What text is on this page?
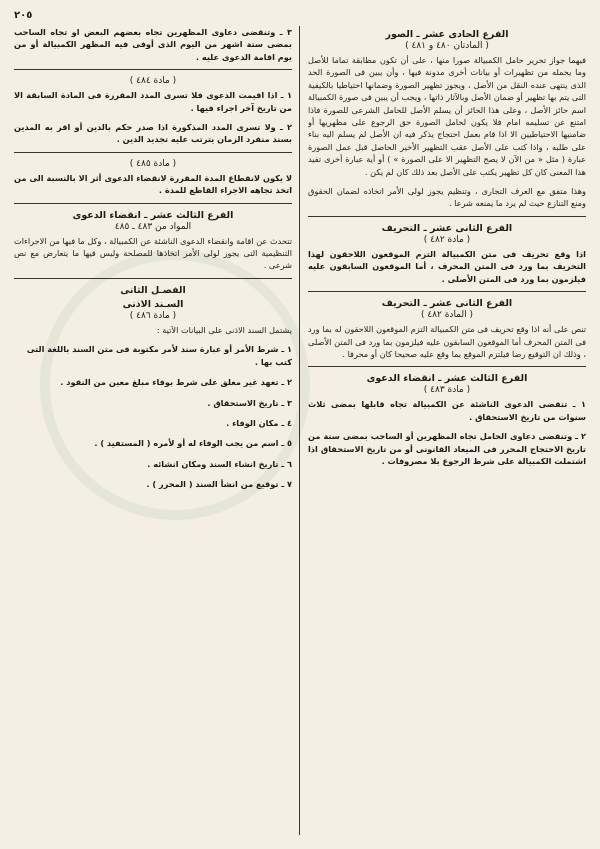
٢٠٥
الفرع الحادى عشر ـ الصور
( المادتان ٤٨٠ و ٤٨١ )
فيهما جواز تحرير حامل الكمبيالة صورا منها ، على أن تكون مطابقة تماما للأصل وما يحمله من تظهيرات أو بيانات أخرى مدونة فيها ، وأن يبين فى الصورة الحد الذى ينتهى عنده النقل من الأصل ، ويجوز تظهير الصورة وضمانها احتياطيا بالكيفية التى يتم بها تظهير أو ضمان الأصل وبالآثار ذاتها ، ويجب أن يبين فى صورة الكمبيالة اسم حائز الأصل ، وعلى هذا الحائز أن يسلم الأصل للحامل الشرعى للصورة فاذا امتنع عن تسليمه امام فلا يكون لحامل الصورة حق الرجوع على مظهريها أو ضامنيها الاحتياطيين الا اذا قام بعمل احتجاج يذكر فيه ان الأصل لم يسلم اليه بناء على طلبه ، واذا كتب على الأصل عقب التظهير الأخير الحاصل قبل عمل الصورة عبارة ( مثل « من الآن لا يصح التظهير الا على الصورة » ) أو أية عبارة أخرى تفيد هذا المعنى كان كل تظهير يكتب على الأصل بعد ذلك كان لم يكن .
وهذا متفق مع العرف التجارى ، وتنظيم يجوز لولى الأمر اتخاذه لضمان الحقوق ومنع التنازع حيث لم يرد ما يمنعه شرعا .
الفرع الثانى عشر ـ التحريف
( مادة ٤٨٢ )
اذا وقع تحريف فى متن الكمبيالة التزم الموقعون اللاحقون لهذا التحريف بما ورد فى المتن المحرف ، أما الموقعون السابقون عليه فيلزمون بما ورد فى المتن الأصلى .
الفرع الثانى عشر ـ التحريف
( المادة ٤٨٢ )
تنص على أنه اذا وقع تحريف فى متن الكمبيالة التزم الموقعون اللاحقون له بما ورد فى المتن المحرف أما الموقعون السابقون عليه فيلزمون بما ورد فى المتن الأصلى ، وذلك ان التوقيع رضا فيلتزم الموقع بما وقع عليه صحيحا كان أو محرفا .
الفرع الثالث عشر ـ انقضاء الدعوى
( مادة ٤٨٣ )
١ ـ تنقضى الدعوى الناشئة عن الكمبيالة تجاه قابلها بمضى ثلاث سنوات من تاريخ الاستحقاق .
٢ ـ وتنقضى دعاوى الحامل تجاه المظهرين أو الساحب بمضى سنة من تاريخ الاحتجاج المحرر فى الميعاد القانونى أو من تاريخ الاستحقاق اذا اشتملت الكمبيالة على شرط الرجوع بلا مصروفات .
٣ ـ وتنقضى دعاوى المظهرين تجاه بعضهم البعض او تجاه الساحب بمضى ستة اشهر من اليوم الذى أوفى فيه المظهر الكمبيالة أو من يوم اقامة الدعوى عليه .
( مادة ٤٨٤ )
١ ـ اذا اقيمت الدعوى فلا تسرى المدد المقررة فى المادة السابقة الا من تاريخ آخر اجراء فيها .
٢ ـ ولا تسرى المدد المذكورة اذا صدر حكم بالدين أو اقر به المدين بسند منفرد الزمان يترتب عليه تجديد الدين .
( مادة ٤٨٥ )
لا يكون لانقطاع المدة المقررة لانقضاء الدعوى أثر الا بالنسبة الى من اتخذ تجاهه الاجراء القاطع للمدة .
الفرع الثالث عشر ـ انقضاء الدعوى
المواد من ٤٨٣ ـ ٤٨٥
تتحدث عن اقامة وانقضاء الدعوى الناشئة عن الكمبيالة ، وكل ما فيها من الاجراءات التنظيمية التى يجوز لولى الأمر اتخاذها للمصلحة وليس فيها ما يتعارض مع نص شرعى .
الفصـل الثانى
السـند الاذنى
( مادة ٤٨٦ )
يشتمل السند الاذنى على البيانات الآتية :
١ ـ شرط الأمر أو عبارة سند لأمر مكتوبة فى متن السند باللغة التى كتب بها .
٢ ـ تعهد غير معلق على شرط بوفاء مبلغ معين من النقود .
٣ ـ تاريخ الاستحقاق .
٤ ـ مكان الوفاء .
٥ ـ اسم من يجب الوفاء له أو لأمره ( المستفيد ) .
٦ ـ تاريخ انشاء السند ومكان انشائه .
٧ ـ توقيع من انشأ السند ( المحرر ) .
